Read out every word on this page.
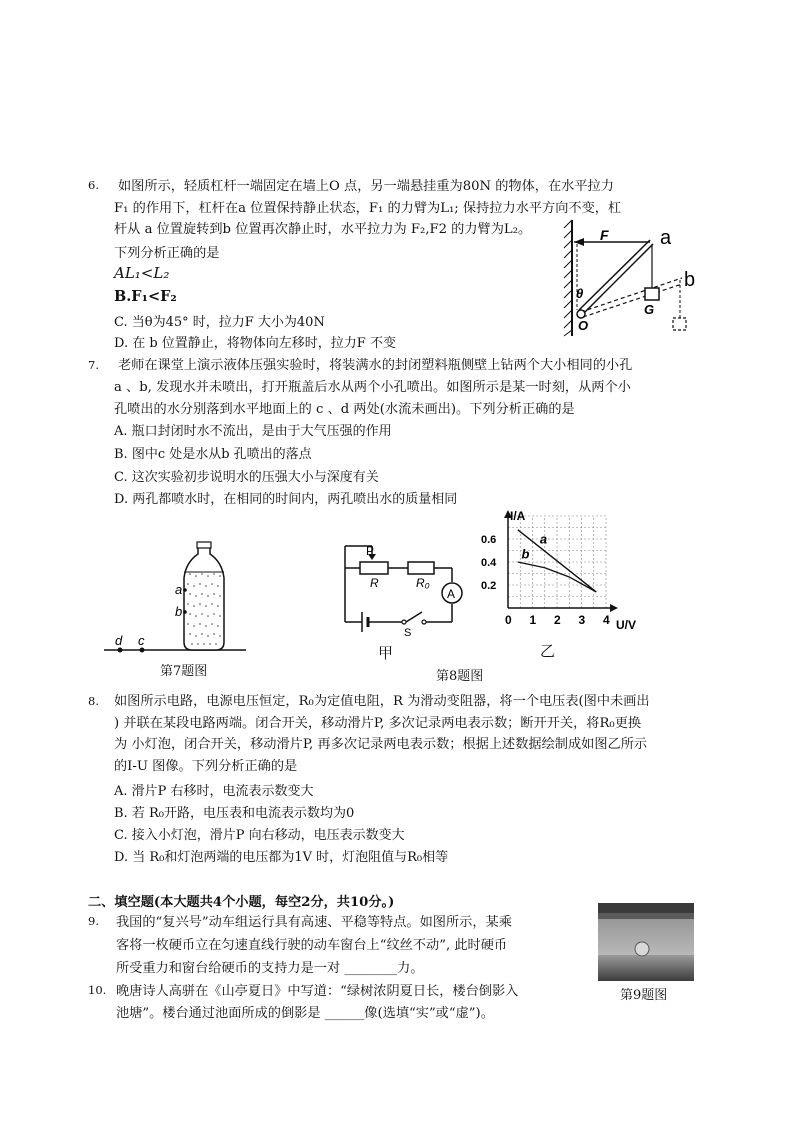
6. 如图所示，轻质杠杆一端固定在墙上O 点，另一端悬挂重为80N 的物体，在水平拉力
F₁ 的作用下，杠杆在a 位置保持静止状态，F₁ 的力臂为L₁; 保持拉力水平方向不变，杠
杆从 a 位置旋转到b 位置再次静止时，水平拉力为 F₂,F2 的力臂为L₂。
下列分析正确的是
AL₁<L₂
B.F₁<F₂
C. 当θ为45° 时，拉力F 大小为40N
D. 在 b 位置静止，将物体向左移时，拉力F 不变
F	a
b
θ
O
G
7. 老师在课堂上演示液体压强实验时，将装满水的封闭塑料瓶侧壁上钻两个大小相同的小孔
a 、b, 发现水并未喷出，打开瓶盖后水从两个小孔喷出。如图所示是某一时刻，从两个小
孔喷出的水分别落到水平地面上的 c 、d 两处(水流未画出)。下列分析正确的是
A. 瓶口封闭时水不流出，是由于大气压强的作用
B. 图中c 处是水从b 孔喷出的落点
C. 这次实验初步说明水的压强大小与深度有关
D. 两孔都喷水时，在相同的时间内，两孔喷出水的质量相同
a
b
c
d
第7题图
P
R	R₀
A
S
甲
a
b
0 1 2 3 4
0.2
0.4
0.6
I/A
U/V
乙
第8题图
8. 如图所示电路，电源电压恒定，R₀为定值电阻，R 为滑动变阻器，将一个电压表(图中未画出
) 并联在某段电路两端。闭合开关，移动滑片P, 多次记录两电表示数；断开开关，将R₀更换
为 小灯泡，闭合开关，移动滑片P, 再多次记录两电表示数；根据上述数据绘制成如图乙所示
的I-U 图像。下列分析正确的是
A. 滑片P 右移时，电流表示数变大
B. 若 R₀开路，电压表和电流表示数均为0
C. 接入小灯泡，滑片P 向右移动，电压表示数变大
D. 当 R₀和灯泡两端的电压都为1V 时，灯泡阻值与R₀相等
二、填空题(本大题共4个小题，每空2分，共10分。)
9. 我国的“复兴号”动车组运行具有高速、平稳等特点。如图所示，某乘
客将一枚硬币立在匀速直线行驶的动车窗台上“纹丝不动”, 此时硬币
所受重力和窗台给硬币的支持力是一对 ________力。
第9题图
10. 晚唐诗人高骈在《山亭夏日》中写道：“绿树浓阴夏日长，楼台倒影入
池塘”。楼台通过池面所成的倒影是 ______像(选填“实”或“虚”)。
